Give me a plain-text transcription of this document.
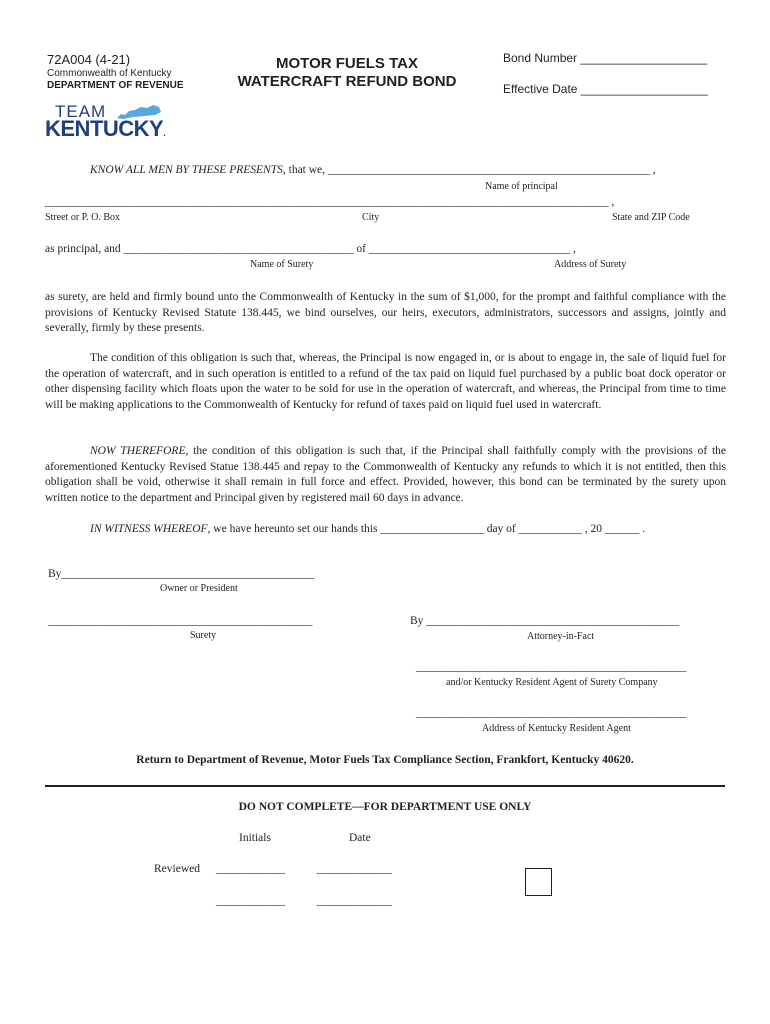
72A004 (4-21)
Commonwealth of Kentucky
DEPARTMENT OF REVENUE
MOTOR FUELS TAX
WATERCRAFT REFUND BOND
Bond Number ___________________
Effective Date ___________________
TEAM
KENTUCKY.
KNOW ALL MEN BY THESE PRESENTS, that we, ________________________________________________________ ,
Name of principal
__________________________________________________________________________________________________ ,
Street or P. O. Box	City	State and ZIP Code
as principal, and ________________________________________ of ___________________________________ ,
Name of Surety	Address of Surety
as surety, are held and firmly bound unto the Commonwealth of Kentucky in the sum of $1,000, for the prompt and faithful compliance with the provisions of Kentucky Revised Statute 138.445, we bind ourselves, our heirs, executors, administrators, successors and assigns, jointly and severally, firmly by these presents.
The condition of this obligation is such that, whereas, the Principal is now engaged in, or is about to engage in, the sale of liquid fuel for the operation of watercraft, and in such operation is entitled to a refund of the tax paid on liquid fuel purchased by a public boat dock operator or other dispensing facility which floats upon the water to be sold for use in the operation of watercraft, and whereas, the Principal from time to time will be making applications to the Commonwealth of Kentucky for refund of taxes paid on liquid fuel used in watercraft.
NOW THEREFORE, the condition of this obligation is such that, if the Principal shall faithfully comply with the provisions of the aforementioned Kentucky Revised Statue 138.445 and repay to the Commonwealth of Kentucky any refunds to which it is not entitled, then this obligation shall be void, otherwise it shall remain in full force and effect. Provided, however, this bond can be terminated by the surety upon written notice to the department and Principal given by registered mail 60 days in advance.
IN WITNESS WHEREOF, we have hereunto set our hands this __________________ day of ___________ , 20 ______ .
By____________________________________________
Owner or President
______________________________________________
Surety
By ____________________________________________
Attorney-in-Fact
_______________________________________________
and/or Kentucky Resident Agent of Surety Company
_______________________________________________
Address of Kentucky Resident Agent
Return to Department of Revenue, Motor Fuels Tax Compliance Section, Frankfort, Kentucky 40620.
DO NOT COMPLETE—FOR DEPARTMENT USE ONLY
Initials	Date
Reviewed ____________	_____________
____________	_____________
